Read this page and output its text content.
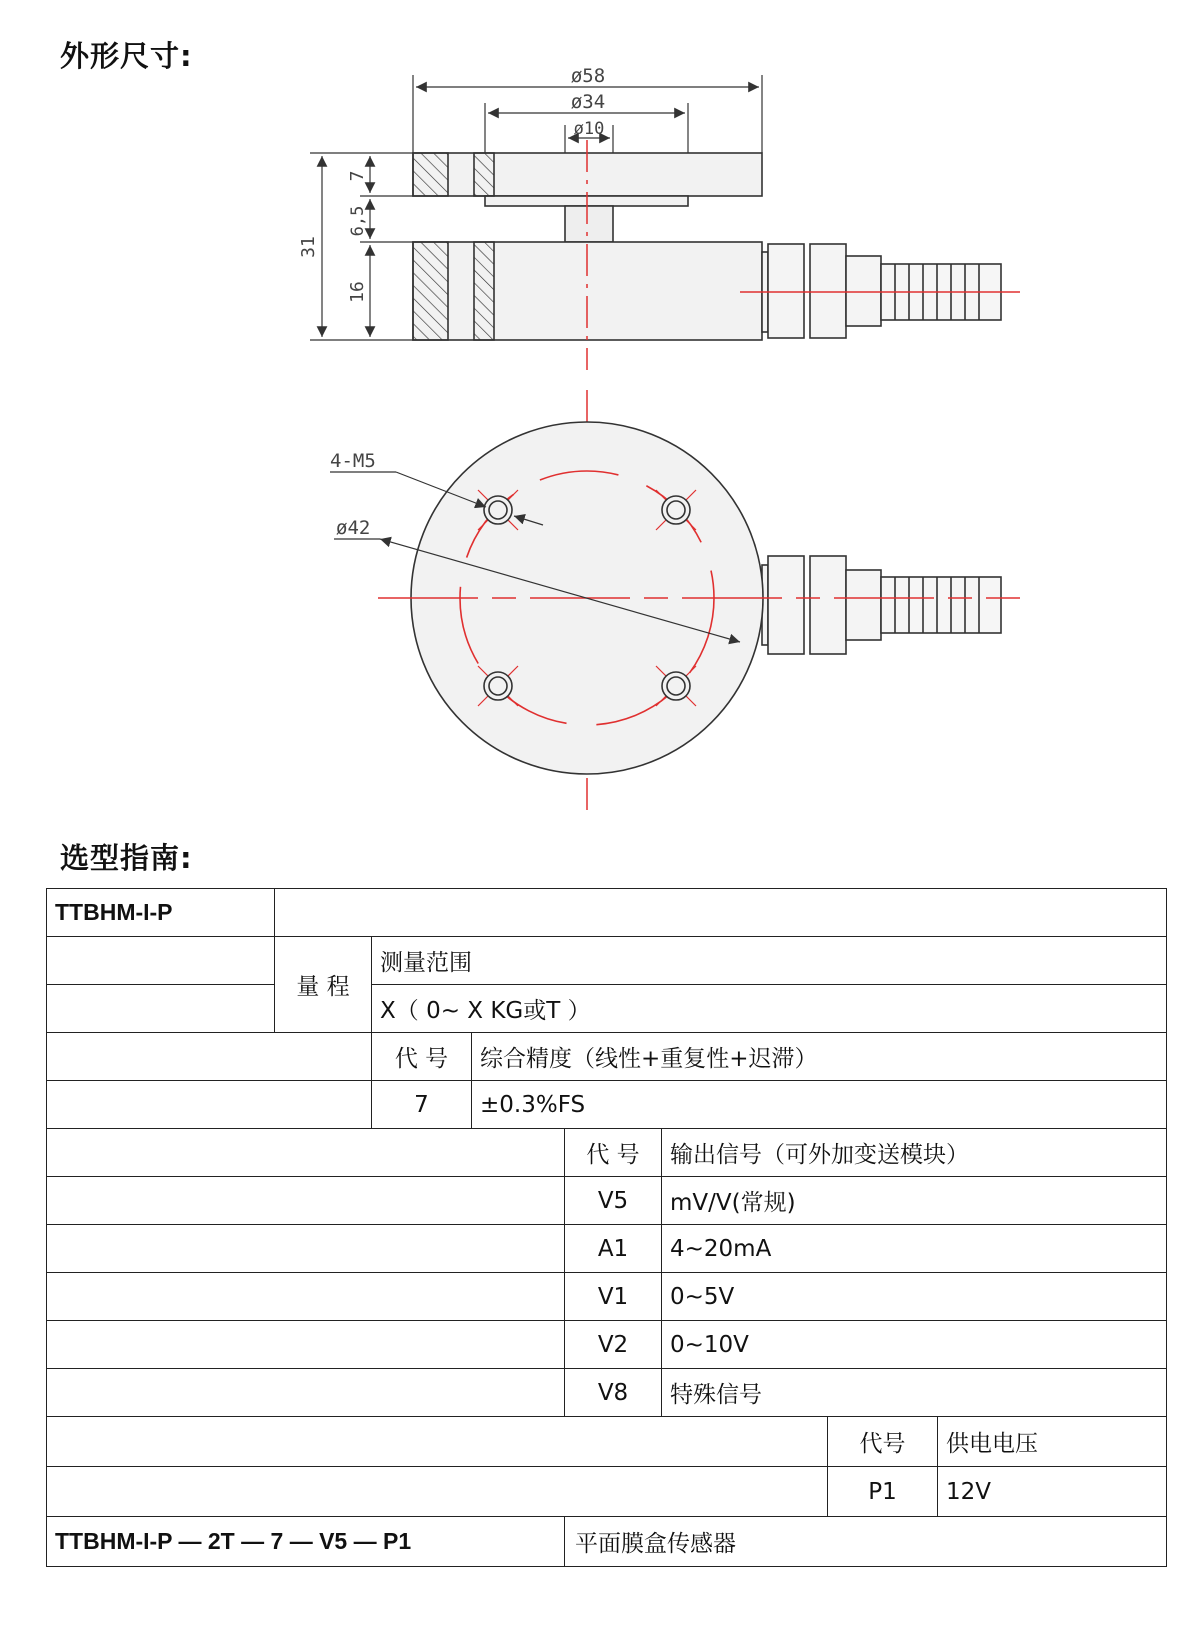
外形尺寸:
ø58
ø34
ø10
7
6,5
16
31
4-M5
ø42
选型指南:
TTBHM-I-P							
	量 程	测量范围					
		X（ 0~ X KG或T ）					
		代 号	综合精度（线性+重复性+迟滞）				
		7	±0.3%FS				
				代 号	输出信号（可外加变送模块）		
				V5	mV/V(常规)		
				A1	4~20mA		
				V1	0~5V		
				V2	0~10V		
				V8	特殊信号		
						代号	供电电压
						P1	12V
TTBHM-I-P — 2T — 7 — V5 — P1				平面膜盒传感器			
